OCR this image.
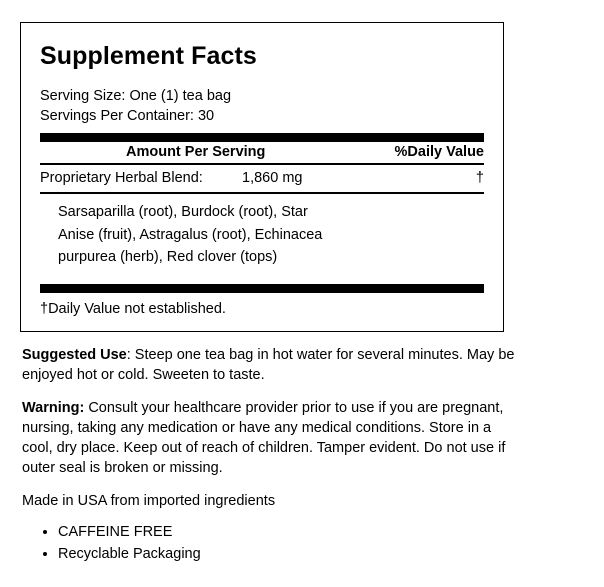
Supplement Facts
Serving Size: One (1) tea bag
Servings Per Container: 30
Amount Per Serving	%Daily Value
Proprietary Herbal Blend:	1,860 mg	†
Sarsaparilla (root), Burdock (root), Star
Anise (fruit), Astragalus (root), Echinacea
purpurea (herb), Red clover (tops)
†Daily Value not established.

Suggested Use: Steep one tea bag in hot water for several minutes. May be enjoyed hot or cold. Sweeten to taste.

Warning: Consult your healthcare provider prior to use if you are pregnant, nursing, taking any medication or have any medical conditions. Store in a cool, dry place. Keep out of reach of children. Tamper evident. Do not use if outer seal is broken or missing.

Made in USA from imported ingredients

• CAFFEINE FREE
• Recyclable Packaging
